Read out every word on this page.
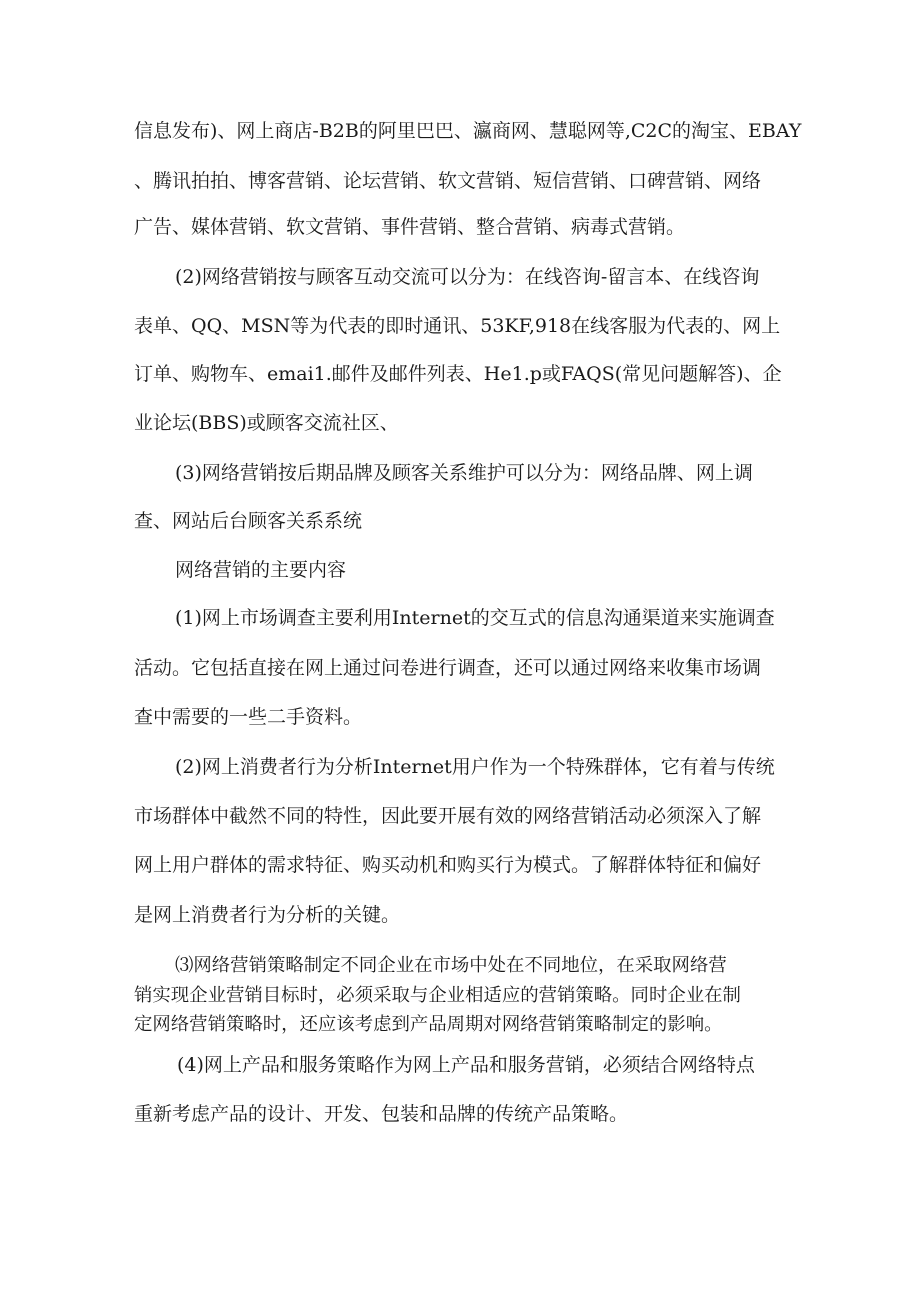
信息发布)、网上商店-B2B的阿里巴巴、瀛商网、慧聪网等,C2C的淘宝、EBAY
、腾讯拍拍、博客营销、论坛营销、软文营销、短信营销、口碑营销、网络
广告、媒体营销、软文营销、事件营销、整合营销、病毒式营销。
(2)网络营销按与顾客互动交流可以分为：在线咨询-留言本、在线咨询
表单、QQ、MSN等为代表的即时通讯、53KF,918在线客服为代表的、网上
订单、购物车、emai1.邮件及邮件列表、He1.p或FAQS(常见问题解答)、企
业论坛(BBS)或顾客交流社区、
(3)网络营销按后期品牌及顾客关系维护可以分为：网络品牌、网上调
查、网站后台顾客关系系统
网络营销的主要内容
(1)网上市场调查主要利用Internet的交互式的信息沟通渠道来实施调查
活动。它包括直接在网上通过问卷进行调查，还可以通过网络来收集市场调
查中需要的一些二手资料。
(2)网上消费者行为分析Internet用户作为一个特殊群体，它有着与传统
市场群体中截然不同的特性，因此要开展有效的网络营销活动必须深入了解
网上用户群体的需求特征、购买动机和购买行为模式。了解群体特征和偏好
是网上消费者行为分析的关键。
⑶网络营销策略制定不同企业在市场中处在不同地位，在采取网络营
销实现企业营销目标时，必须采取与企业相适应的营销策略。同时企业在制
定网络营销策略时，还应该考虑到产品周期对网络营销策略制定的影响。
(4)网上产品和服务策略作为网上产品和服务营销，必须结合网络特点
重新考虑产品的设计、开发、包装和品牌的传统产品策略。
